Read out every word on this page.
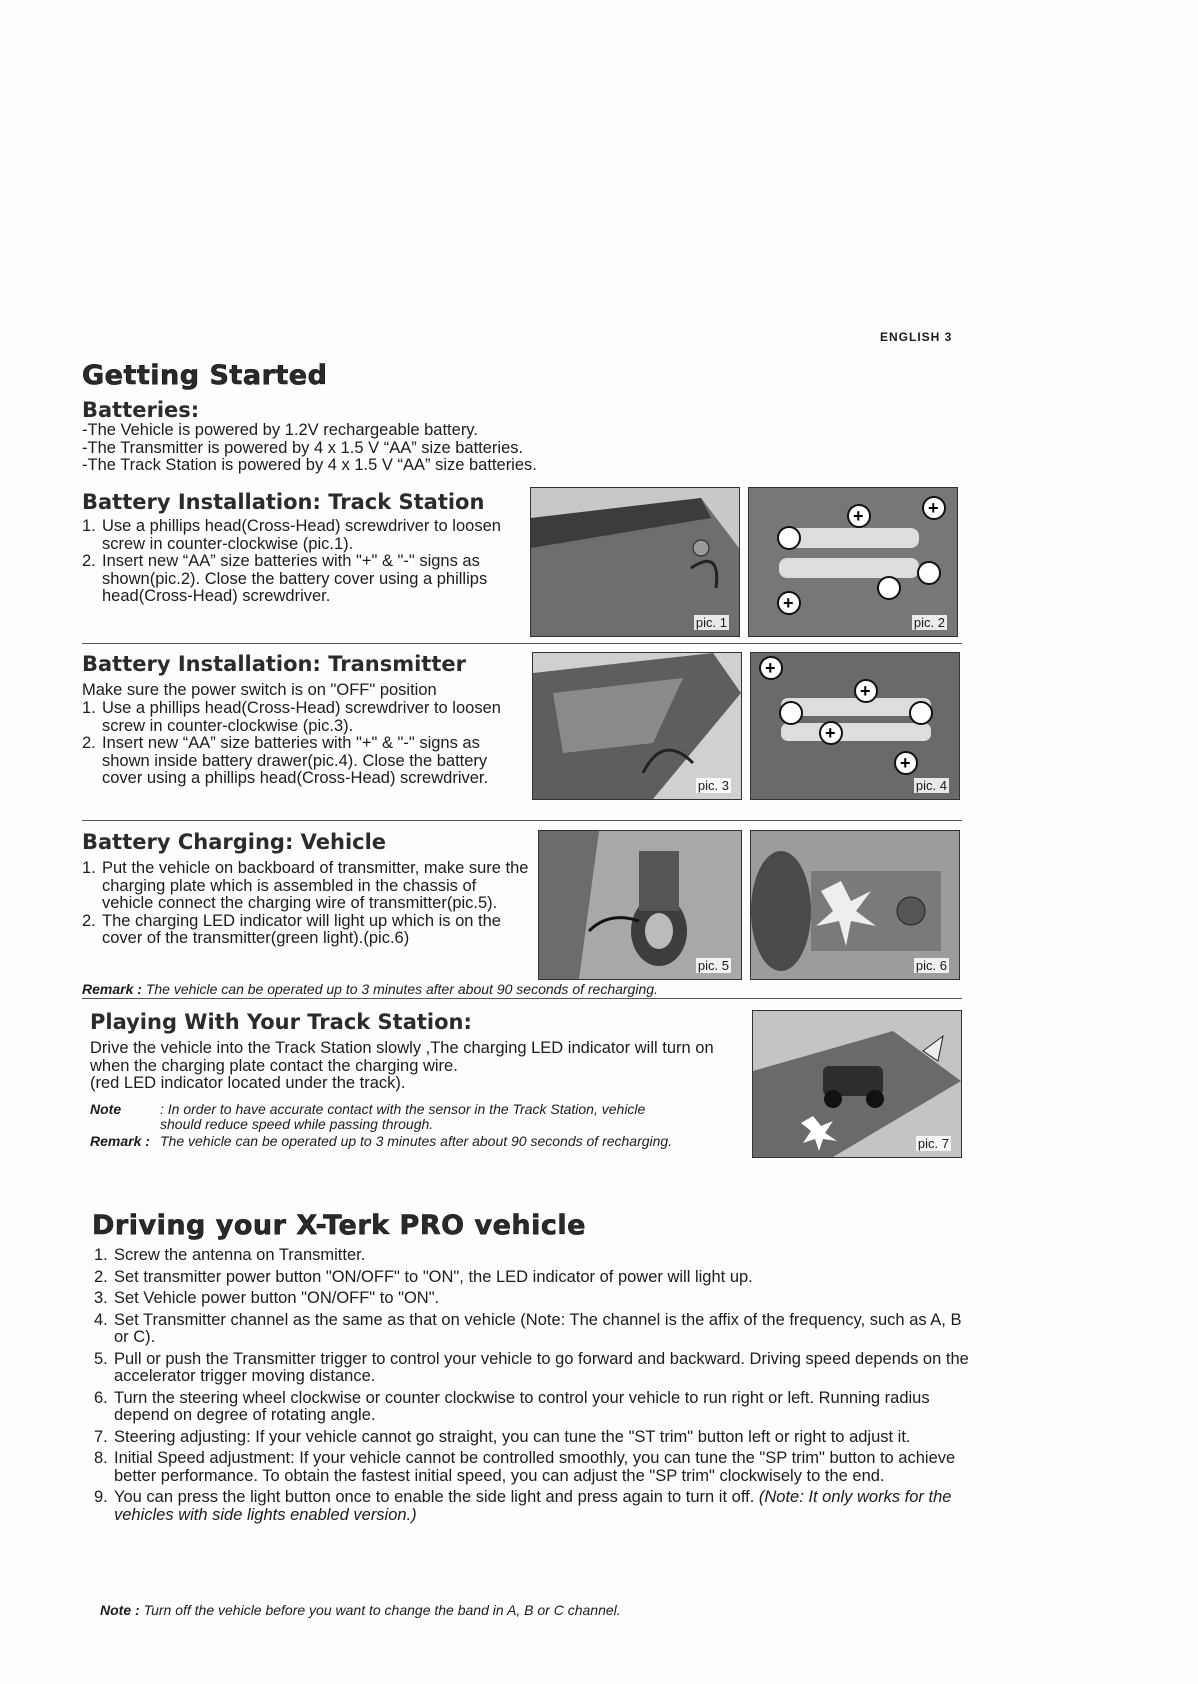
ENGLISH 3
Getting Started
Batteries:
-The Vehicle is powered by 1.2V rechargeable battery.
-The Transmitter is powered by 4 x 1.5 V “AA” size batteries.
-The Track Station is powered by 4 x 1.5 V “AA” size batteries.
Battery Installation: Track Station
1. Use a phillips head(Cross-Head) screwdriver to loosen screw in counter-clockwise (pic.1).
2. Insert new “AA” size batteries with "+" & "-" signs as shown(pic.2). Close the battery cover using a phillips head(Cross-Head) screwdriver.
pic. 1
+	+
+
pic. 2
Battery Installation: Transmitter
Make sure the power switch is on "OFF" position
1. Use a phillips head(Cross-Head) screwdriver to loosen screw in counter-clockwise (pic.3).
2. Insert new “AA” size batteries with "+" & "-" signs as shown inside battery drawer(pic.4). Close the battery cover using a phillips head(Cross-Head) screwdriver.	pic. 3
+
+
+
+
pic. 4
Battery Charging: Vehicle
1. Put the vehicle on backboard of transmitter, make sure the charging plate which is assembled in the chassis of vehicle connect the charging wire of transmitter(pic.5).
2. The charging LED indicator will light up which is on the cover of the transmitter(green light).(pic.6)
pic. 5	pic. 6
Remark : The vehicle can be operated up to 3 minutes after about 90 seconds of recharging.
Playing With Your Track Station:
Drive the vehicle into the Track Station slowly ,The charging LED indicator will turn on when the charging plate contact the charging wire.
(red LED indicator located under the track).
Note	: In order to have accurate contact with the sensor in the Track Station, vehicle should reduce speed while passing through.
Remark : The vehicle can be operated up to 3 minutes after about 90 seconds of recharging.	pic. 7
Driving your X-Terk PRO vehicle
1. Screw the antenna on Transmitter.
2. Set transmitter power button "ON/OFF" to "ON", the LED indicator of power will light up.
3. Set Vehicle power button "ON/OFF" to "ON".
4. Set Transmitter channel as the same as that on vehicle (Note: The channel is the affix of the frequency, such as A, B or C).
5. Pull or push the Transmitter trigger to control your vehicle to go forward and backward. Driving speed depends on the accelerator trigger moving distance.
6. Turn the steering wheel clockwise or counter clockwise to control your vehicle to run right or left. Running radius depend on degree of rotating angle.
7. Steering adjusting: If your vehicle cannot go straight, you can tune the "ST trim" button left or right to adjust it.
8. Initial Speed adjustment: If your vehicle cannot be controlled smoothly, you can tune the "SP trim" button to achieve better performance. To obtain the fastest initial speed, you can adjust the "SP trim" clockwisely to the end.
9. You can press the light button once to enable the side light and press again to turn it off. (Note: It only works for the vehicles with side lights enabled version.)
Note : Turn off the vehicle before you want to change the band in A, B or C channel.
